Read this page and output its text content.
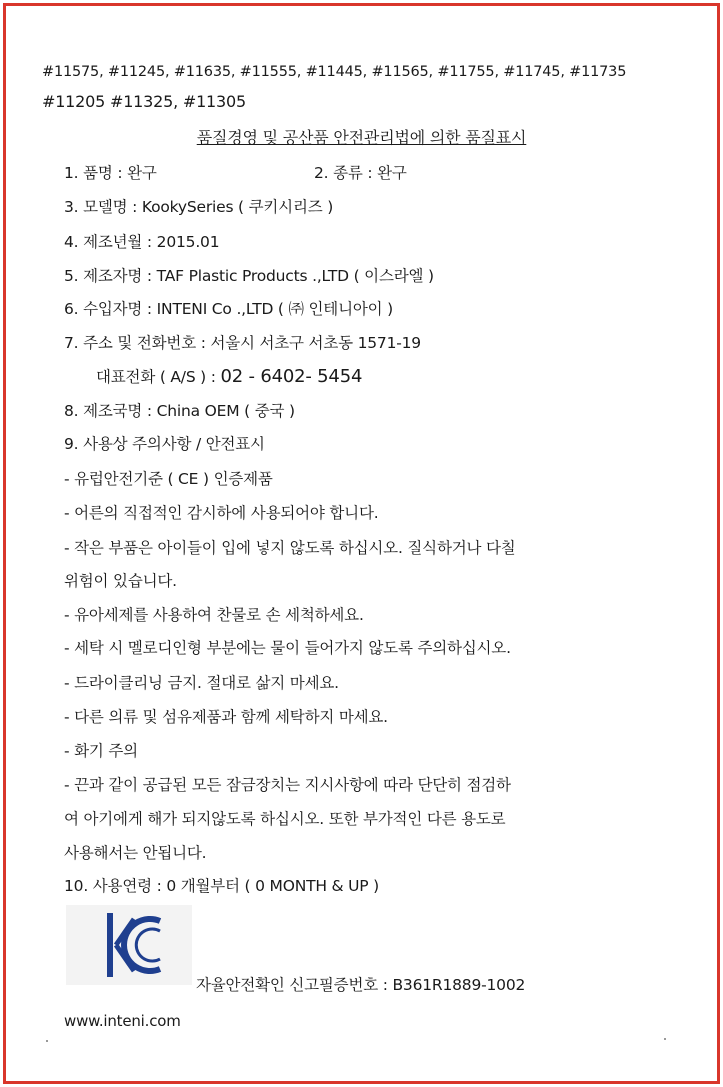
#11575, #11245, #11635, #11555, #11445, #11565, #11755, #11745, #11735
#11205 #11325, #11305
품질경영 및 공산품 안전관리법에 의한 품질표시
1. 품명 : 완구	2. 종류 : 완구
3. 모델명 : KookySeries ( 쿠키시리즈 )
4. 제조년월 : 2015.01
5. 제조자명 : TAF Plastic Products .,LTD ( 이스라엘 )
6. 수입자명 : INTENI Co .,LTD ( ㈜ 인테니아이 )
7. 주소 및 전화번호 : 서울시 서초구 서초동 1571-19
대표전화 ( A/S ) : 02 - 6402- 5454
8. 제조국명 : China OEM ( 중국 )
9. 사용상 주의사항 / 안전표시
- 유럽안전기준 ( CE ) 인증제품
- 어른의 직접적인 감시하에 사용되어야 합니다.
- 작은 부품은 아이들이 입에 넣지 않도록 하십시오. 질식하거나 다칠
위험이 있습니다.
- 유아세제를 사용하여 찬물로 손 세척하세요.
- 세탁 시 멜로디인형 부분에는 물이 들어가지 않도록 주의하십시오.
- 드라이클리닝 금지. 절대로 삶지 마세요.
- 다른 의류 및 섬유제품과 함께 세탁하지 마세요.
- 화기 주의
- 끈과 같이 공급된 모든 잠금장치는 지시사항에 따라 단단히 점검하
여 아기에게 해가 되지않도록 하십시오. 또한 부가적인 다른 용도로
사용해서는 안됩니다.
10. 사용연령 : 0 개월부터 ( 0 MONTH & UP )
자율안전확인 신고필증번호 : B361R1889-1002
www.inteni.com
